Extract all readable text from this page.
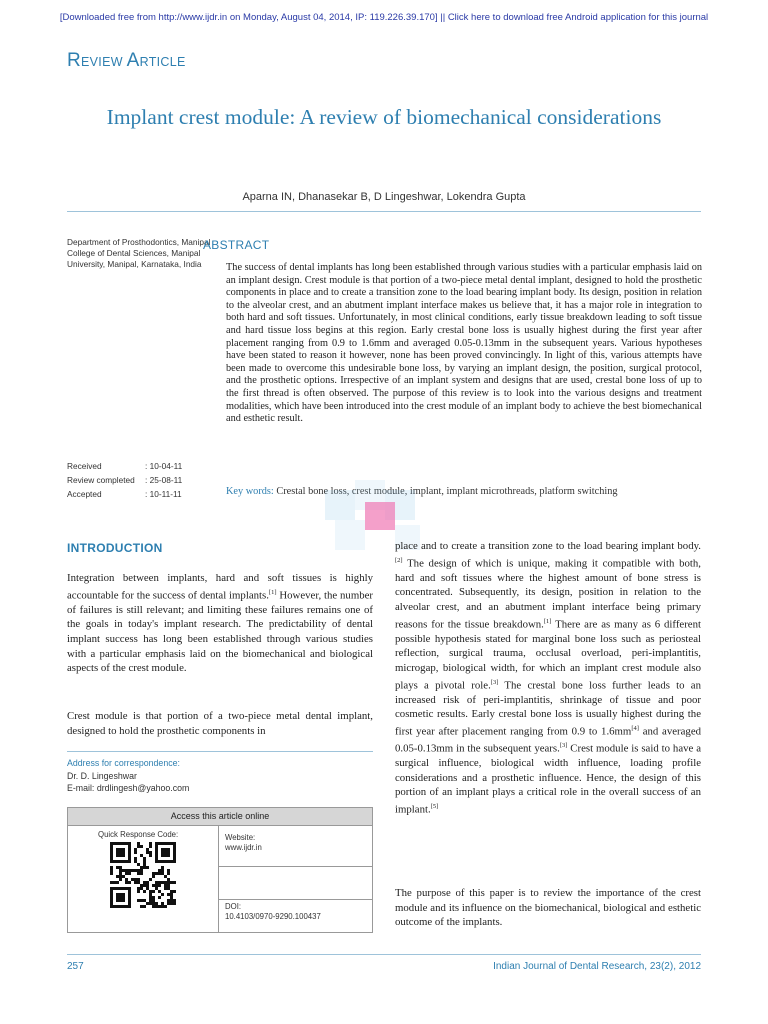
[Downloaded free from http://www.ijdr.in on Monday, August 04, 2014, IP: 119.226.39.170] || Click here to download free Android application for this journal
REVIEW ARTICLE
Implant crest module: A review of biomechanical considerations
Aparna IN, Dhanasekar B, D Lingeshwar, Lokendra Gupta
Department of Prosthodontics, Manipal College of Dental Sciences, Manipal University, Manipal, Karnataka, India
ABSTRACT
The success of dental implants has long been established through various studies with a particular emphasis laid on an implant design. Crest module is that portion of a two-piece metal dental implant, designed to hold the prosthetic components in place and to create a transition zone to the load bearing implant body. Its design, position in relation to the alveolar crest, and an abutment implant interface makes us believe that, it has a major role in integration to both hard and soft tissues. Unfortunately, in most clinical conditions, early tissue breakdown leading to soft tissue and hard tissue loss begins at this region. Early crestal bone loss is usually highest during the first year after placement ranging from 0.9 to 1.6mm and averaged 0.05-0.13mm in the subsequent years. Various hypotheses have been stated to reason it however, none has been proved convincingly. In light of this, various attempts have been made to overcome this undesirable bone loss, by varying an implant design, the position, surgical protocol, and the prosthetic options. Irrespective of an implant system and designs that are used, crestal bone loss of up to the first thread is often observed. The purpose of this review is to look into the various designs and treatment modalities, which have been introduced into the crest module of an implant body to achieve the best biomechanical and esthetic result.
Received	: 10-04-11
Review completed	: 25-08-11
Accepted	: 10-11-11	Key words: Crestal bone loss, crest module, implant, implant microthreads, platform switching
INTRODUCTION
Integration between implants, hard and soft tissues is highly accountable for the success of dental implants.[1] However, the number of failures is still relevant; and limiting these failures remains one of the goals in today's implant research. The predictability of dental implant success has long been established through various studies with a particular emphasis laid on the biomechanical and biological aspects of the crest module.
Crest module is that portion of a two-piece metal dental implant, designed to hold the prosthetic components in
Address for correspondence:
Dr. D. Lingeshwar
E-mail: drdlingesh@yahoo.com
Access this article online
Quick Response Code:	Website:
www.ijdr.in
DOI:
10.4103/0970-9290.100437
place and to create a transition zone to the load bearing implant body.[2] The design of which is unique, making it compatible with both, hard and soft tissues where the highest amount of bone stress is concentrated. Subsequently, its design, position in relation to the alveolar crest, and an abutment implant interface being primary reasons for the tissue breakdown.[1] There are as many as 6 different possible hypothesis stated for marginal bone loss such as periosteal reflection, surgical trauma, occlusal overload, peri-implantitis, microgap, biological width, for which an implant crest module also plays a pivotal role.[3] The crestal bone loss further leads to an increased risk of peri-implantitis, shrinkage of tissue and poor cosmetic results. Early crestal bone loss is usually highest during the first year after placement ranging from 0.9 to 1.6mm[4] and averaged 0.05-0.13mm in the subsequent years.[3] Crest module is said to have a surgical influence, biological width influence, loading profile considerations and a prosthetic influence. Hence, the design of this portion of an implant plays a critical role in the overall success of an implant.[5]
The purpose of this paper is to review the importance of the crest module and its influence on the biomechanical, biological and esthetic outcome of the implants.
257	Indian Journal of Dental Research, 23(2), 2012
